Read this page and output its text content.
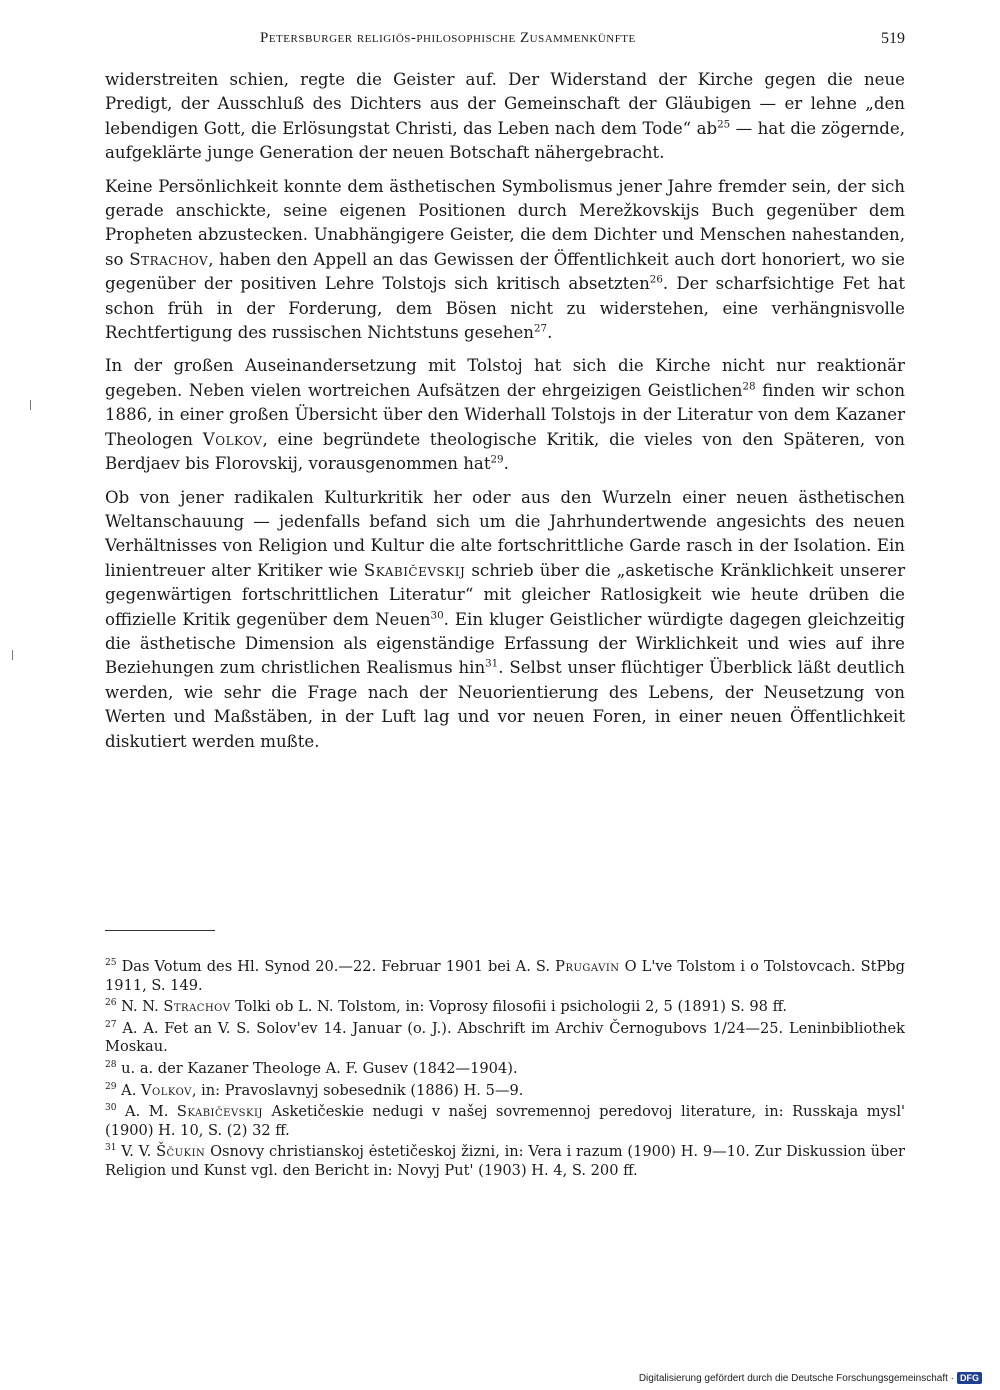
Petersburger religiös-philosophische Zusammenkünfte	519

widerstreiten schien, regte die Geister auf. Der Widerstand der Kirche gegen die neue Predigt, der Ausschluß des Dichters aus der Gemeinschaft der Gläubigen — er lehne „den lebendigen Gott, die Erlösungstat Christi, das Leben nach dem Tode“ $ab^{25}$ — hat die zögernde, aufgeklärte junge Generation der neuen Botschaft nähergebracht.

Keine Persönlichkeit konnte dem ästhetischen Symbolismus jener Jahre fremder sein, der sich gerade anschickte, seine eigenen Positionen durch Merežkovskijs Buch gegenüber dem Propheten abzustecken. Unabhängigere Geister, die dem Dichter und Menschen nahestanden, so Strachov, haben den Appell an das Gewissen der Öffentlichkeit auch dort honoriert, wo sie gegenüber der positiven Lehre Tolstojs sich kritisch absetzten$^{26}$. Der scharfsichtige Fet hat schon früh in der Forderung, dem Bösen nicht zu widerstehen, eine verhängnisvolle Rechtfertigung des russischen Nichtstuns gesehen$^{27}$.

In der großen Auseinandersetzung mit Tolstoj hat sich die Kirche nicht nur reaktionär gegeben. Neben vielen wortreichen Aufsätzen der ehrgeizigen Geistlichen$^{28}$ finden wir schon 1886, in einer großen Übersicht über den Widerhall Tolstojs in der Literatur von dem Kazaner Theologen Volkov, eine begründete theologische Kritik, die vieles von den Späteren, von Berdjaev bis Florovskij, vorausgenommen hat$^{29}$.

Ob von jener radikalen Kulturkritik her oder aus den Wurzeln einer neuen ästhetischen Weltanschauung — jedenfalls befand sich um die Jahrhundertwende angesichts des neuen Verhältnisses von Religion und Kultur die alte fortschrittliche Garde rasch in der Isolation. Ein linientreuer alter Kritiker wie Skabičevskij schrieb über die „asketische Kränklichkeit unserer gegenwärtigen fortschrittlichen Literatur“ mit gleicher Ratlosigkeit wie heute drüben die offizielle Kritik gegenüber dem Neuen$^{30}$. Ein kluger Geistlicher würdigte dagegen gleichzeitig die ästhetische Dimension als eigenständige Erfassung der Wirklichkeit und wies auf ihre Beziehungen zum christlichen Realismus hin$^{31}$. Selbst unser flüchtiger Überblick läßt deutlich werden, wie sehr die Frage nach der Neuorientierung des Lebens, der Neusetzung von Werten und Maßstäben, in der Luft lag und vor neuen Foren, in einer neuen Öffentlichkeit diskutiert werden mußte.

$^{25}$ Das Votum des Hl. Synod 20.—22. Februar 1901 bei A. S. Prugavin O L've Tolstom i o Tolstovcach. StPbg 1911, S. 149.
$^{26}$ N. N. Strachov Tolki ob L. N. Tolstom, in: Voprosy filosofii i psichologii 2, 5 (1891) S. 98 ff.
$^{27}$ A. A. Fet an V. S. Solov'ev 14. Januar (o. J.). Abschrift im Archiv Černogubovs 1/24—25. Leninbibliothek Moskau.
$^{28}$ u. a. der Kazaner Theologe A. F. Gusev (1842—1904).
$^{29}$ A. Volkov, in: Pravoslavnyj sobesednik (1886) H. 5—9.
$^{30}$ A. M. Skabičevskij Asketičeskie nedugi v našej sovremennoj peredovoj literature, in: Russkaja mysl' (1900) H. 10, S. (2) 32 ff.
$^{31}$ V. V. Ščukin Osnovy christianskoj ėstetičeskoj žizni, in: Vera i razum (1900) H. 9—10. Zur Diskussion über Religion und Kunst vgl. den Bericht in: Novyj Put' (1903) H. 4, S. 200 ff.
Digitalisierung gefördert durch die Deutsche Forschungsgemeinschaft · DFG
